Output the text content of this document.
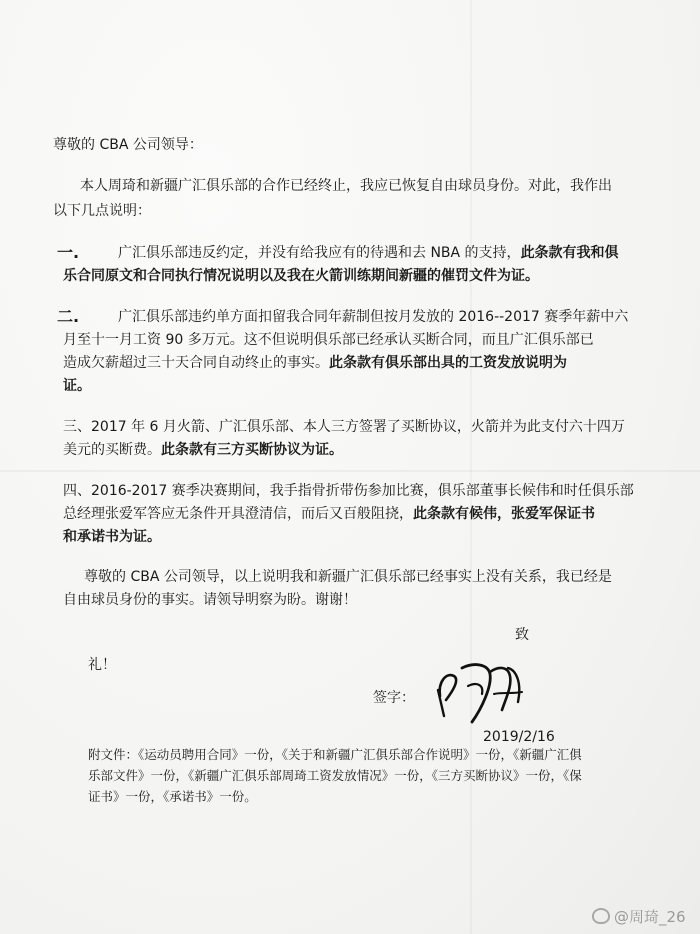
尊敬的 CBA 公司领导：
本人周琦和新疆广汇俱乐部的合作已经终止，我应已恢复自由球员身份。对此，我作出
以下几点说明：
一.	广汇俱乐部违反约定，并没有给我应有的待遇和去 NBA 的支持，此条款有我和俱
乐合同原文和合同执行情况说明以及我在火箭训练期间新疆的催罚文件为证。
二.	广汇俱乐部违约单方面扣留我合同年薪制但按月发放的 2016--2017 赛季年薪中六
月至十一月工资 90 多万元。这不但说明俱乐部已经承认买断合同，而且广汇俱乐部已
造成欠薪超过三十天合同自动终止的事实。此条款有俱乐部出具的工资发放说明为
证。
三、2017 年 6 月火箭、广汇俱乐部、本人三方签署了买断协议，火箭并为此支付六十四万
美元的买断费。此条款有三方买断协议为证。
四、2016-2017 赛季决赛期间，我手指骨折带伤参加比赛，俱乐部董事长候伟和时任俱乐部
总经理张爱军答应无条件开具澄清信，而后又百般阻挠，此条款有候伟，张爱军保证书
和承诺书为证。
尊敬的 CBA 公司领导，以上说明我和新疆广汇俱乐部已经事实上没有关系，我已经是
自由球员身份的事实。请领导明察为盼。谢谢！
致
礼！
签字：
2019/2/16
附文件：《运动员聘用合同》一份，《关于和新疆广汇俱乐部合作说明》一份，《新疆广汇俱
乐部文件》一份，《新疆广汇俱乐部周琦工资发放情况》一份，《三方买断协议》一份，《保
证书》一份，《承诺书》一份。
@周琦_26
